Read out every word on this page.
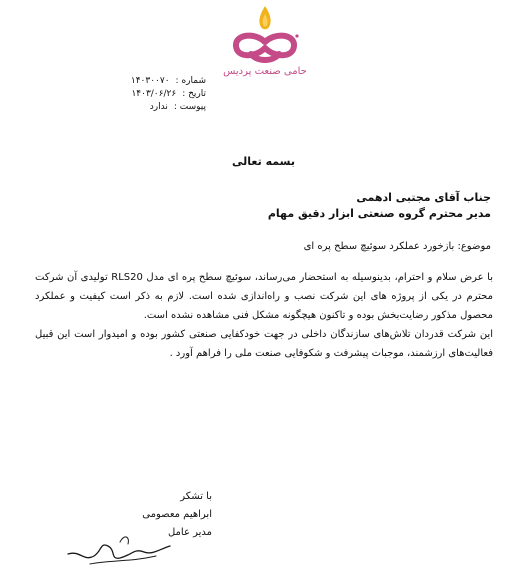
حامی صنعت پردیس
شماره :
۱۴۰۳۰۰۷۰
تاریخ :
۱۴۰۳/۰۶/۲۶
پیوست :
ندارد
بسمه تعالی
جناب آقای مجتبی ادهمی
مدیر محترم گروه صنعتی ابزار دقیق مهام
موضوع: بازخورد عملکرد سوئیچ سطح پره ای

با عرض سلام و احترام، بدینوسیله به استحضار می‌رساند، سوئیچ سطح پره ای مدل RLS20 تولیدی آن شرکت محترم در یکی از پروژه های این شرکت نصب و راه‌اندازی شده است. لازم به ذکر است کیفیت و عملکرد محصول مذکور رضایت‌بخش بوده و تاکنون هیچگونه مشکل فنی مشاهده نشده است.

این شرکت قدردان تلاش‌های سازندگان داخلی در جهت خودکفایی صنعتی کشور بوده و امیدوار است این قبیل فعالیت‌های ارزشمند، موجبات پیشرفت و شکوفایی صنعت ملی را فراهم آورد .

با تشکر
ابراهیم معصومی
مدیر عامل
